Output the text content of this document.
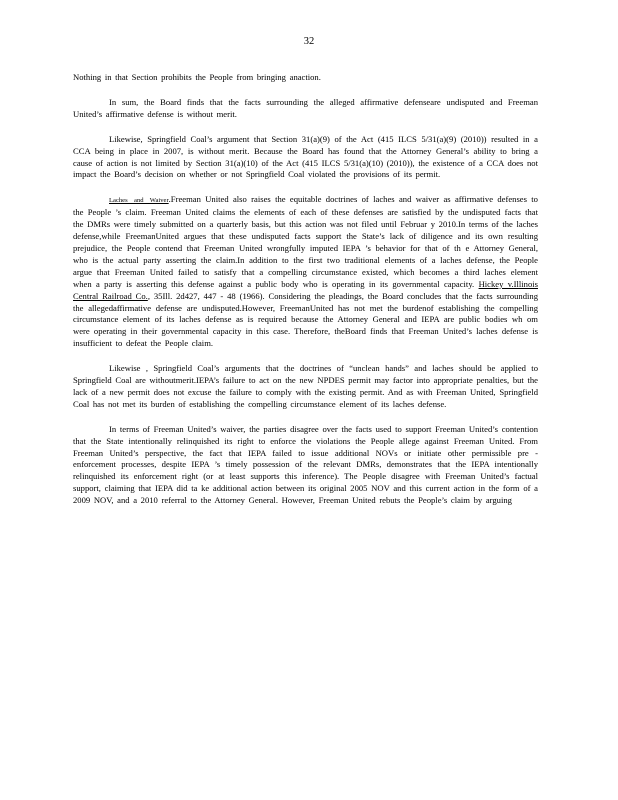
32

Nothing in that Section prohibits the People from bringing anaction.

In sum, the Board finds that the facts surrounding the alleged affirmative defenseare undisputed and Freeman United’s affirmative defense is without merit.

Likewise, Springfield Coal’s argument that Section 31(a)(9) of the Act (415 ILCS 5/31(a)(9) (2010)) resulted in a CCA being in place in 2007, is without merit. Because the Board has found that the Attorney General’s ability to bring a cause of action is not limited by Section 31(a)(10) of the Act (415 ILCS 5/31(a)(10) (2010)), the existence of a CCA does not impact the Board’s decision on whether or not Springfield Coal violated the provisions of its permit.

Laches and Waiver.Freeman United also raises the equitable doctrines of laches and waiver as affirmative defenses to the People ’s claim. Freeman United claims the elements of each of these defenses are satisfied by the undisputed facts that the DMRs were timely submitted on a quarterly basis, but this action was not filed until Februar y 2010.In terms of the laches defense,while FreemanUnited argues that these undisputed facts support the State’s lack of diligence and its own resulting prejudice, the People contend that Freeman United wrongfully imputed IEPA ’s behavior for that of th e Attorney General, who is the actual party asserting the claim.In addition to the first two traditional elements of a laches defense, the People argue that Freeman United failed to satisfy that a compelling circumstance existed, which becomes a third laches element when a party is asserting this defense against a public body who is operating in its governmental capacity. Hickey v.Illinois Central Railroad Co., 35Ill. 2d427, 447 - 48 (1966). Considering the pleadings, the Board concludes that the facts surrounding the allegedaffirmative defense are undisputed.However, FreemanUnited has not met the burdenof establishing the compelling circumstance element of its laches defense as is required because the Attorney General and IEPA are public bodies wh om were operating in their governmental capacity in this case. Therefore, theBoard finds that Freeman United’s laches defense is insufficient to defeat the People claim.

Likewise , Springfield Coal’s arguments that the doctrines of “unclean hands” and laches should be applied to Springfield Coal are withoutmerit.IEPA’s failure to act on the new NPDES permit may factor into appropriate penalties, but the lack of a new permit does not excuse the failure to comply with the existing permit. And as with Freeman United, Springfield Coal has not met its burden of establishing the compelling circumstance element of its laches defense.

In terms of Freeman United’s waiver, the parties disagree over the facts used to support Freeman United’s contention that the State intentionally relinquished its right to enforce the violations the People allege against Freeman United. From Freeman United’s perspective, the fact that IEPA failed to issue additional NOVs or initiate other permissible pre - enforcement processes, despite IEPA ’s timely possession of the relevant DMRs, demonstrates that the IEPA intentionally relinquished its enforcement right (or at least supports this inference). The People disagree with Freeman United’s factual support, claiming that IEPA did ta ke additional action between its original 2005 NOV and this current action in the form of a 2009 NOV, and a 2010 referral to the Attorney General. However, Freeman United rebuts the People’s claim by arguing
